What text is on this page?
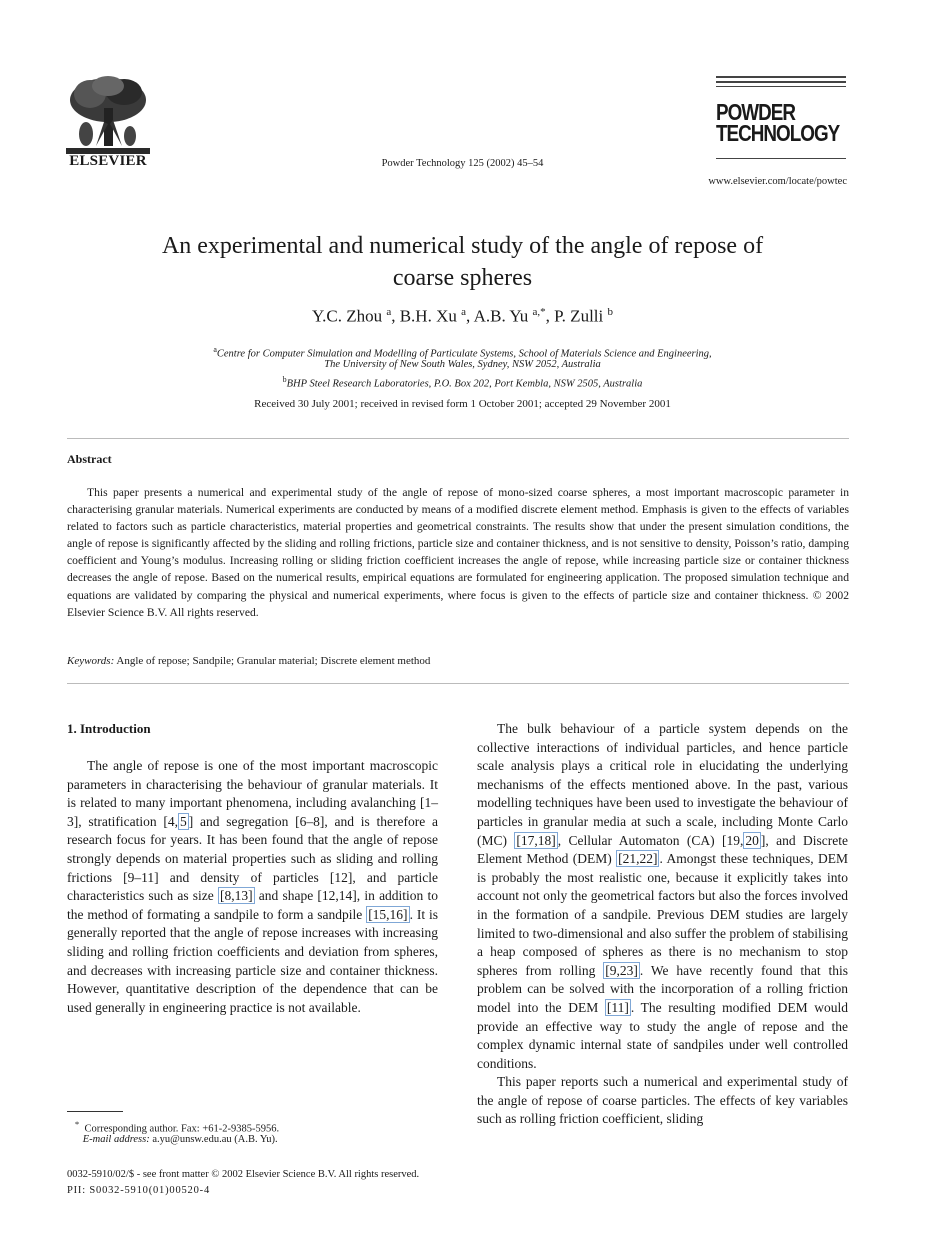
ELSEVIER	Powder Technology 125 (2002) 45–54
POWDER
TECHNOLOGY
www.elsevier.com/locate/powtec
An experimental and numerical study of the angle of repose of
coarse spheres
Y.C. Zhou $^a$, B.H. Xu $^a$, A.B. Yu $^{a,*}$, P. Zulli $^b$
$^a$Centre for Computer Simulation and Modelling of Particulate Systems, School of Materials Science and Engineering,
The University of New South Wales, Sydney, NSW 2052, Australia
$^b$BHP Steel Research Laboratories, P.O. Box 202, Port Kembla, NSW 2505, Australia
Received 30 July 2001; received in revised form 1 October 2001; accepted 29 November 2001
Abstract
This paper presents a numerical and experimental study of the angle of repose of mono-sized coarse spheres, a most important macroscopic parameter in characterising granular materials. Numerical experiments are conducted by means of a modified discrete element method. Emphasis is given to the effects of variables related to factors such as particle characteristics, material properties and geometrical constraints. The results show that under the present simulation conditions, the angle of repose is significantly affected by the sliding and rolling frictions, particle size and container thickness, and is not sensitive to density, Poisson’s ratio, damping coefficient and Young’s modulus. Increasing rolling or sliding friction coefficient increases the angle of repose, while increasing particle size or container thickness decreases the angle of repose. Based on the numerical results, empirical equations are formulated for engineering application. The proposed simulation technique and equations are validated by comparing the physical and numerical experiments, where focus is given to the effects of particle size and container thickness. © 2002 Elsevier Science B.V. All rights reserved.
Keywords: Angle of repose; Sandpile; Granular material; Discrete element method
1. Introduction

The angle of repose is one of the most important macroscopic parameters in characterising the behaviour of granular materials. It is related to many important phenomena, including avalanching [1–3], stratification [4, 5 ] and segregation [6–8], and is therefore a research focus for years. It has been found that the angle of repose strongly depends on material properties such as sliding and rolling frictions [9–11] and density of particles [12], and particle characteristics such as size [8,13] and shape [12,14], in addition to the method of formating a sandpile to form a sandpile [15,16] . It is generally reported that the angle of repose increases with increasing sliding and rolling friction coefficients and deviation from spheres, and decreases with increasing particle size and container thickness. However, quantitative description of the dependence that can be used generally in engineering practice is not available.

The bulk behaviour of a particle system depends on the collective interactions of individual particles, and hence particle scale analysis plays a critical role in elucidating the underlying mechanisms of the effects mentioned above. In the past, various modelling techniques have been used to investigate the behaviour of particles in granular media at such a scale, including Monte Carlo (MC) [17,18] , Cellular Automaton (CA) [19, 20 ], and Discrete Element Method (DEM) [21,22] . Amongst these techniques, DEM is probably the most realistic one, because it explicitly takes into account not only the geometrical factors but also the forces involved in the formation of a sandpile. Previous DEM studies are largely limited to two-dimensional and also suffer the problem of stabilising a heap composed of spheres as there is no mechanism to stop spheres from rolling [9,23] . We have recently found that this problem can be solved with the incorporation of a rolling friction model into the DEM [11] . The resulting modified DEM would provide an effective way to study the angle of repose and the complex dynamic internal state of sandpiles under well controlled conditions.

This paper reports such a numerical and experimental study of the angle of repose of coarse particles. The effects of key variables such as rolling friction coefficient, sliding

* Corresponding author. Fax: +61-2-9385-5956.
E-mail address: a.yu@unsw.edu.au (A.B. Yu).
0032-5910/02/$ - see front matter © 2002 Elsevier Science B.V. All rights reserved.
PII: S0032-5910(01)00520-4
